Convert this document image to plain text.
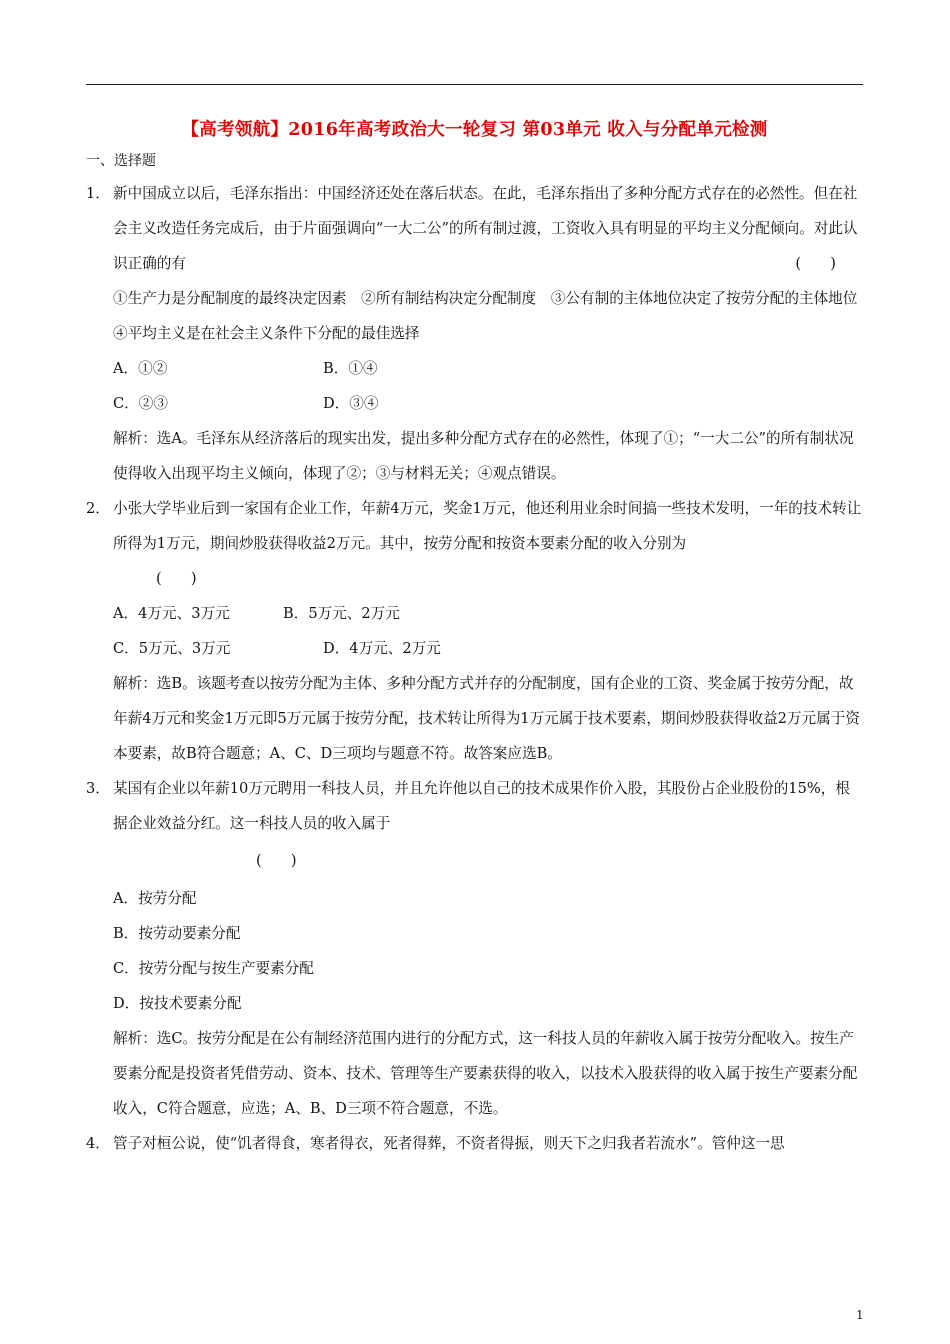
【高考领航】2016年高考政治大一轮复习 第03单元 收入与分配单元检测
一、选择题
1． 新中国成立以后，毛泽东指出：中国经济还处在落后状态。在此，毛泽东指出了多种分配方式存在的必然性。但在社会主义改造任务完成后，由于片面强调向“一大二公”的所有制过渡，工资收入具有明显的平均主义分配倾向。对此认识正确的有	(　　)
①生产力是分配制度的最终决定因素　②所有制结构决定分配制度　③公有制的主体地位决定了按劳分配的主体地位　④平均主义是在社会主义条件下分配的最佳选择
A．①②	B．①④
C．②③	D．③④
解析：选A。毛泽东从经济落后的现实出发，提出多种分配方式存在的必然性，体现了①；“一大二公”的所有制状况使得收入出现平均主义倾向，体现了②；③与材料无关；④观点错误。
2． 小张大学毕业后到一家国有企业工作，年薪4万元，奖金1万元，他还利用业余时间搞一些技术发明，一年的技术转让所得为1万元，期间炒股获得收益2万元。其中，按劳分配和按资本要素分配的收入分别为
(　　)
A．4万元、3万元	B．5万元、2万元
C．5万元、3万元	D．4万元、2万元
解析：选B。该题考查以按劳分配为主体、多种分配方式并存的分配制度，国有企业的工资、奖金属于按劳分配，故年薪4万元和奖金1万元即5万元属于按劳分配，技术转让所得为1万元属于技术要素，期间炒股获得收益2万元属于资本要素，故B符合题意；A、C、D三项均与题意不符。故答案应选B。
3． 某国有企业以年薪10万元聘用一科技人员，并且允许他以自己的技术成果作价入股，其股份占企业股份的15%，根据企业效益分红。这一科技人员的收入属于
(　　)
A．按劳分配
B．按劳动要素分配
C．按劳分配与按生产要素分配
D．按技术要素分配
解析：选C。按劳分配是在公有制经济范围内进行的分配方式，这一科技人员的年薪收入属于按劳分配收入。按生产要素分配是投资者凭借劳动、资本、技术、管理等生产要素获得的收入，以技术入股获得的收入属于按生产要素分配收入，C符合题意，应选；A、B、D三项不符合题意，不选。
4． 管子对桓公说，使“饥者得食，寒者得衣，死者得葬，不资者得振，则天下之归我者若流水”。管仲这一思
1
